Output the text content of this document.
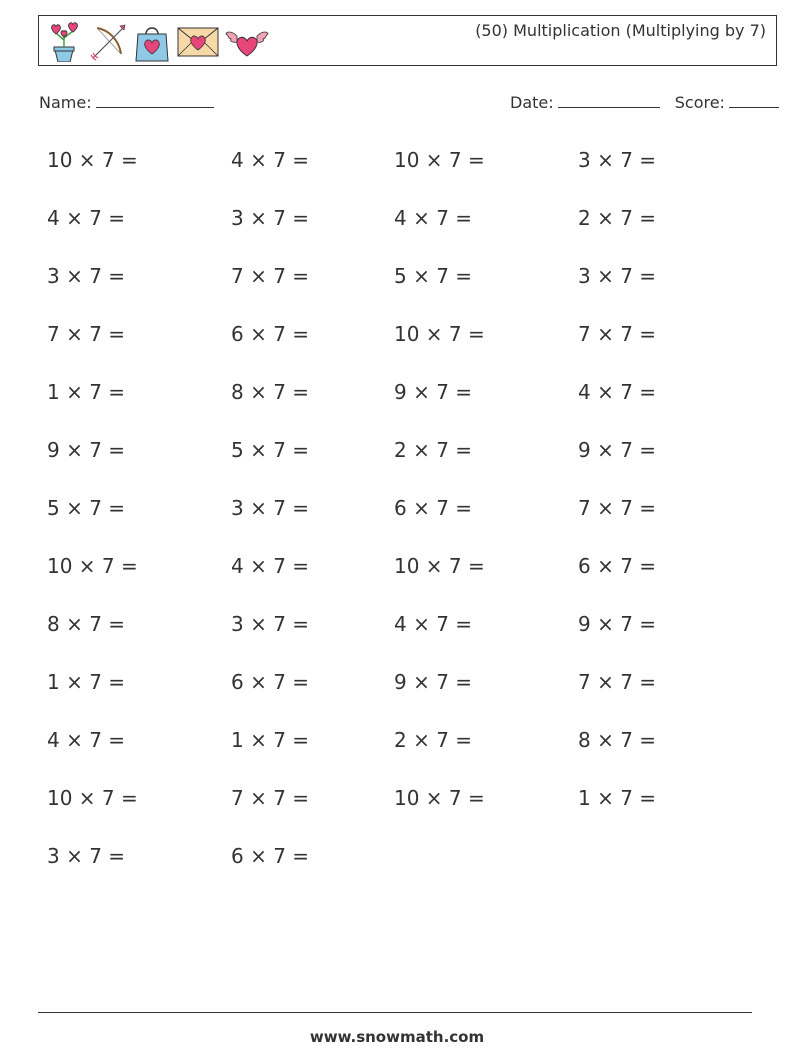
(50) Multiplication (Multiplying by 7)
Name:	Date:	Score:
10 × 7 =	4 × 7 =	10 × 7 =	3 × 7 =
4 × 7 =	3 × 7 =	4 × 7 =	2 × 7 =
3 × 7 =	7 × 7 =	5 × 7 =	3 × 7 =
7 × 7 =	6 × 7 =	10 × 7 =	7 × 7 =
1 × 7 =	8 × 7 =	9 × 7 =	4 × 7 =
9 × 7 =	5 × 7 =	2 × 7 =	9 × 7 =
5 × 7 =	3 × 7 =	6 × 7 =	7 × 7 =
10 × 7 =	4 × 7 =	10 × 7 =	6 × 7 =
8 × 7 =	3 × 7 =	4 × 7 =	9 × 7 =
1 × 7 =	6 × 7 =	9 × 7 =	7 × 7 =
4 × 7 =	1 × 7 =	2 × 7 =	8 × 7 =
10 × 7 =	7 × 7 =	10 × 7 =	1 × 7 =
3 × 7 =	6 × 7 =
www.snowmath.com
